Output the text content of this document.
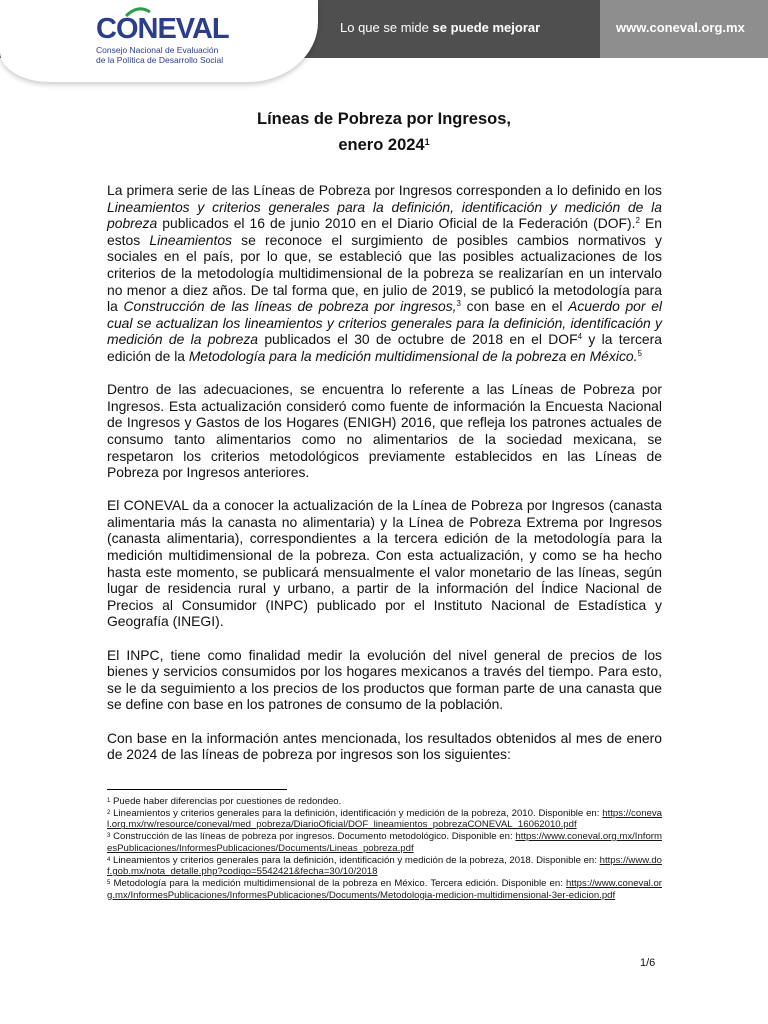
CONEVAL
Consejo Nacional de Evaluación
de la Política de Desarrollo Social
Lo que se mide se puede mejorar	www.coneval.org.mx
Líneas de Pobreza por Ingresos,
enero 2024$^1$

La primera serie de las Líneas de Pobreza por Ingresos corresponden a lo definido en los Lineamientos y criterios generales para la definición, identificación y medición de la pobreza publicados el 16 de junio 2010 en el Diario Oficial de la Federación (DOF).$^2$ En estos Lineamientos se reconoce el surgimiento de posibles cambios normativos y sociales en el país, por lo que, se estableció que las posibles actualizaciones de los criterios de la metodología multidimensional de la pobreza se realizarían en un intervalo no menor a diez años. De tal forma que, en julio de 2019, se publicó la metodología para la Construcción de las líneas de pobreza por ingresos,$^3$ con base en el Acuerdo por el cual se actualizan los lineamientos y criterios generales para la definición, identificación y medición de la pobreza publicados el 30 de octubre de 2018 en el DOF$^4$ y la tercera edición de la Metodología para la medición multidimensional de la pobreza en México.$^5$

Dentro de las adecuaciones, se encuentra lo referente a las Líneas de Pobreza por Ingresos. Esta actualización consideró como fuente de información la Encuesta Nacional de Ingresos y Gastos de los Hogares (ENIGH) 2016, que refleja los patrones actuales de consumo tanto alimentarios como no alimentarios de la sociedad mexicana, se respetaron los criterios metodológicos previamente establecidos en las Líneas de Pobreza por Ingresos anteriores.

El CONEVAL da a conocer la actualización de la Línea de Pobreza por Ingresos (canasta alimentaria más la canasta no alimentaria) y la Línea de Pobreza Extrema por Ingresos (canasta alimentaria), correspondientes a la tercera edición de la metodología para la medición multidimensional de la pobreza. Con esta actualización, y como se ha hecho hasta este momento, se publicará mensualmente el valor monetario de las líneas, según lugar de residencia rural y urbano, a partir de la información del Índice Nacional de Precios al Consumidor (INPC) publicado por el Instituto Nacional de Estadística y Geografía (INEGI).

El INPC, tiene como finalidad medir la evolución del nivel general de precios de los bienes y servicios consumidos por los hogares mexicanos a través del tiempo. Para esto, se le da seguimiento a los precios de los productos que forman parte de una canasta que se define con base en los patrones de consumo de la población.

Con base en la información antes mencionada, los resultados obtenidos al mes de enero de 2024 de las líneas de pobreza por ingresos son los siguientes:

$^1$ Puede haber diferencias por cuestiones de redondeo.
$^2$ Lineamientos y criterios generales para la definición, identificación y medición de la pobreza, 2010. Disponible en: https://coneval.org.mx/rw/resource/coneval/med_pobreza/DiarioOficial/DOF_lineamientos_pobrezaCONEVAL_16062010.pdf
$^3$ Construcción de las líneas de pobreza por ingresos. Documento metodológico. Disponible en: https://www.coneval.org.mx/InformesPublicaciones/InformesPublicaciones/Documents/Lineas_pobreza.pdf
$^4$ Lineamientos y criterios generales para la definición, identificación y medición de la pobreza, 2018. Disponible en: https://www.dof.gob.mx/nota_detalle.php?codigo=5542421&fecha=30/10/2018
$^5$ Metodología para la medición multidimensional de la pobreza en México. Tercera edición. Disponible en: https://www.coneval.org.mx/InformesPublicaciones/InformesPublicaciones/Documents/Metodologia-medicion-multidimensional-3er-edicion.pdf
1/6
